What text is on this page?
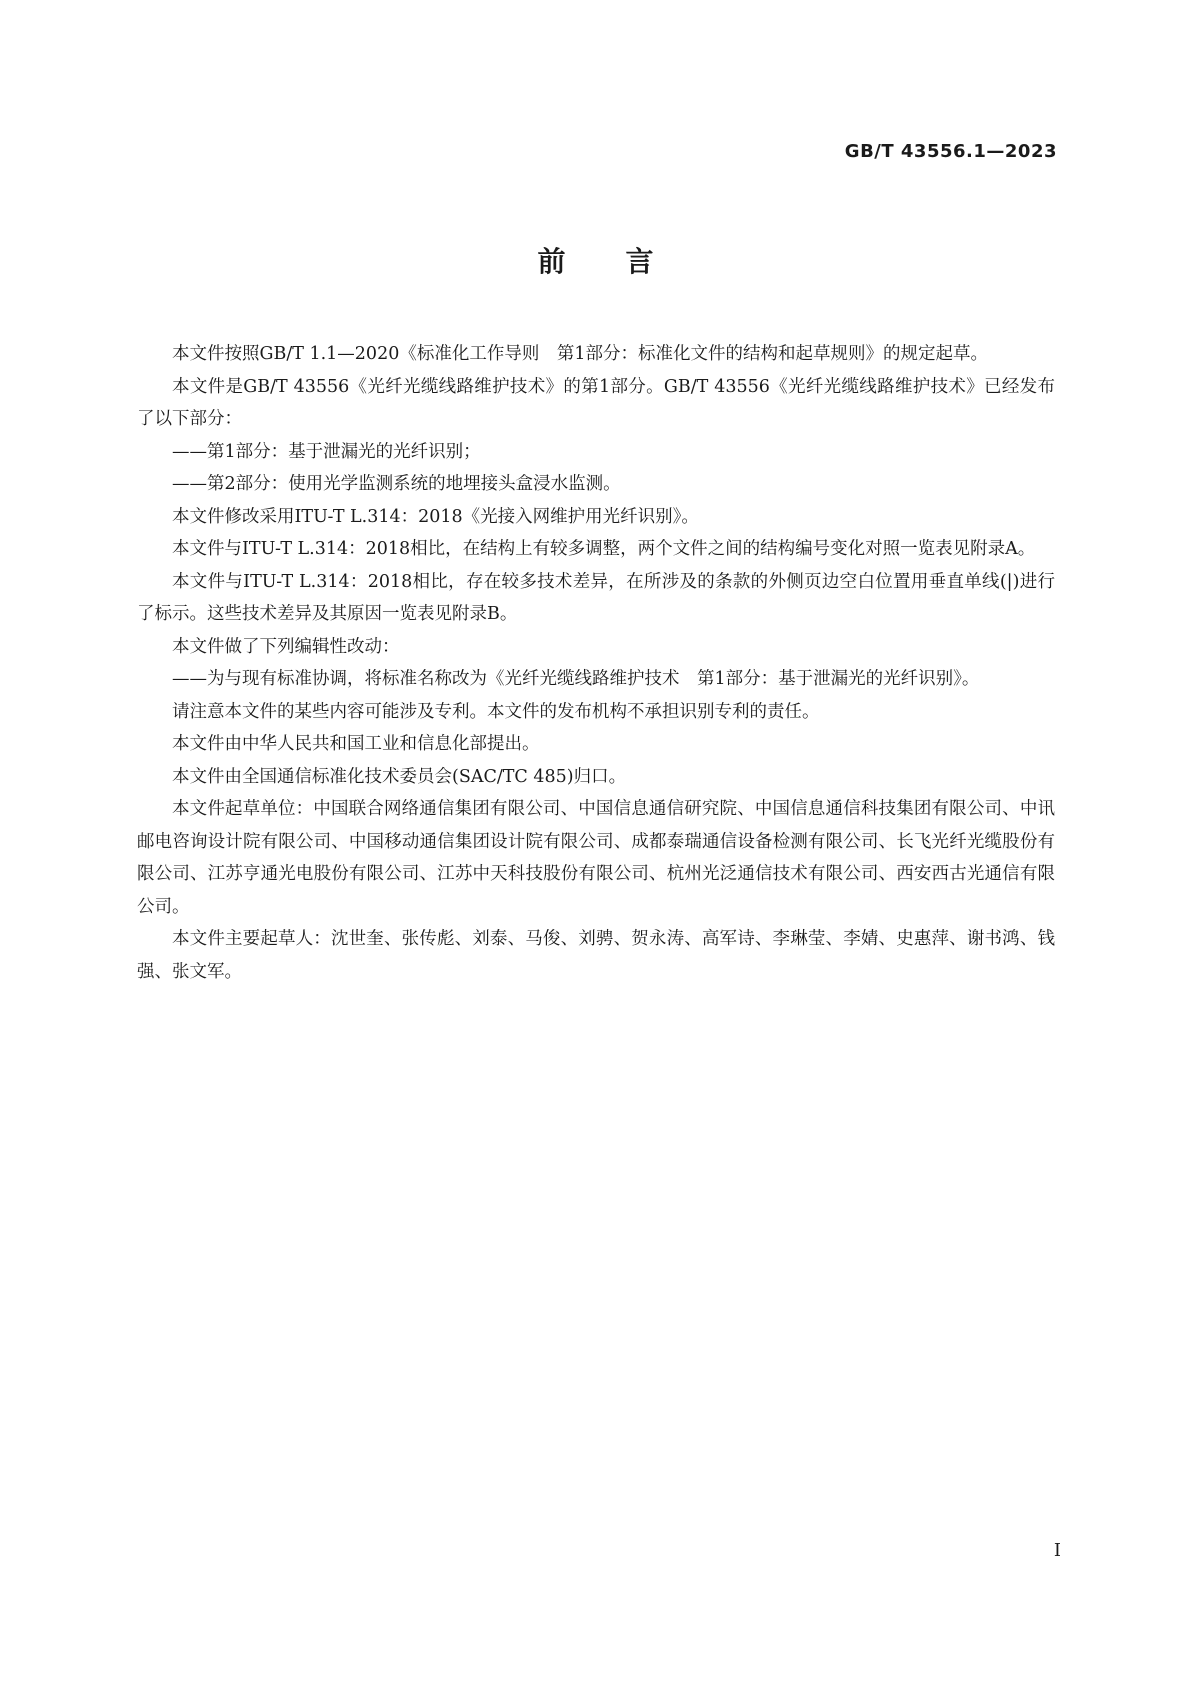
GB/T 43556.1—2023
前言

本文件按照GB/T 1.1—2020《标准化工作导则　第1部分：标准化文件的结构和起草规则》的规定起草。

本文件是GB/T 43556《光纤光缆线路维护技术》的第1部分。GB/T 43556《光纤光缆线路维护技术》已经发布了以下部分：

——第1部分：基于泄漏光的光纤识别；

——第2部分：使用光学监测系统的地埋接头盒浸水监测。

本文件修改采用ITU-T L.314：2018《光接入网维护用光纤识别》。

本文件与ITU-T L.314：2018相比，在结构上有较多调整，两个文件之间的结构编号变化对照一览表见附录A。

本文件与ITU-T L.314：2018相比，存在较多技术差异，在所涉及的条款的外侧页边空白位置用垂直单线(|)进行了标示。这些技术差异及其原因一览表见附录B。

本文件做了下列编辑性改动：

——为与现有标准协调，将标准名称改为《光纤光缆线路维护技术　第1部分：基于泄漏光的光纤识别》。

请注意本文件的某些内容可能涉及专利。本文件的发布机构不承担识别专利的责任。

本文件由中华人民共和国工业和信息化部提出。

本文件由全国通信标准化技术委员会(SAC/TC 485)归口。

本文件起草单位：中国联合网络通信集团有限公司、中国信息通信研究院、中国信息通信科技集团有限公司、中讯邮电咨询设计院有限公司、中国移动通信集团设计院有限公司、成都泰瑞通信设备检测有限公司、长飞光纤光缆股份有限公司、江苏亨通光电股份有限公司、江苏中天科技股份有限公司、杭州光泛通信技术有限公司、西安西古光通信有限公司。

本文件主要起草人：沈世奎、张传彪、刘泰、马俊、刘骋、贺永涛、高军诗、李琳莹、李婧、史惠萍、谢书鸿、钱强、张文军。

I
